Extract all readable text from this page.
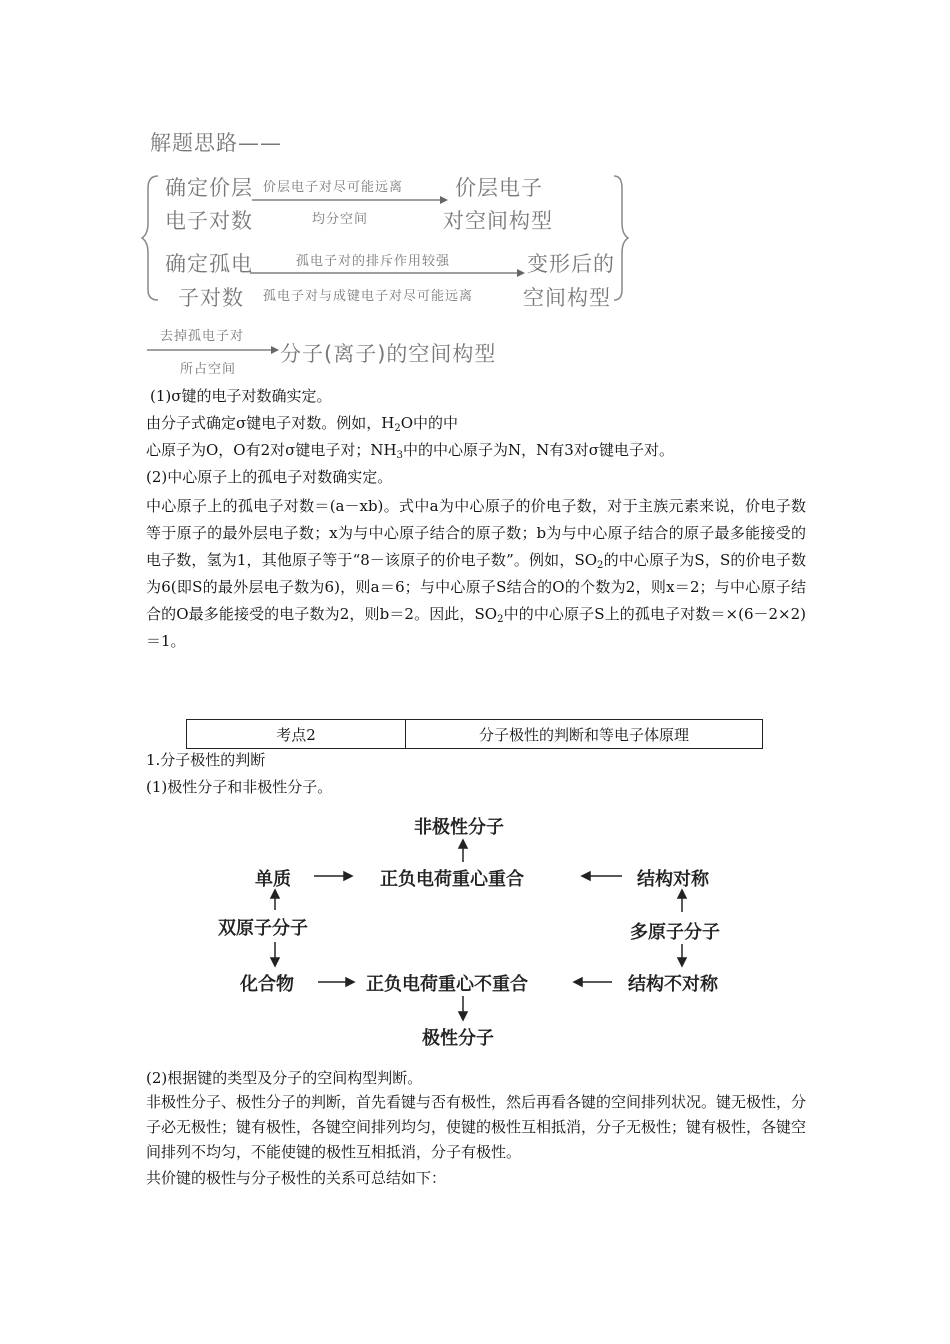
解题思路——
确定价层
电子对数
价层电子对尽可能远离
均分空间
价层电子
对空间构型
确定孤电
子对数
孤电子对的排斥作用较强
孤电子对与成键电子对尽可能远离
变形后的
空间构型
去掉孤电子对
所占空间
分子(离子)的空间构型
(1)σ键的电子对数确实定。
由分子式确定σ键电子对数。例如，$H_2O$中的中
心原子为O，O有2对σ键电子对；$NH_3$中的中心原子为N，N有3对σ键电子对。
(2)中心原子上的孤电子对数确实定。
中心原子上的孤电子对数＝(a－xb)。式中a为中心原子的价电子数，对于主族元素来说，价电子数等于原子的最外层电子数；x为与中心原子结合的原子数；b为与中心原子结合的原子最多能接受的电子数，氢为1，其他原子等于“8－该原子的价电子数”。例如，$SO_2$的中心原子为S，S的价电子数为6(即S的最外层电子数为6)，则a＝6；与中心原子S结合的O的个数为2，则x＝2；与中心原子结合的O最多能接受的电子数为2，则b＝2。因此，$SO_2$中的中心原子S上的孤电子对数＝×(6－2×2)＝1。
考点2	分子极性的判断和等电子体原理
1.分子极性的判断
(1)极性分子和非极性分子。
非极性分子
单质	正负电荷重心重合	结构对称
双原子分子	多原子分子
化合物	正负电荷重心不重合	结构不对称
极性分子
(2)根据键的类型及分子的空间构型判断。
非极性分子、极性分子的判断，首先看键与否有极性，然后再看各键的空间排列状况。键无极性，分子必无极性；键有极性，各键空间排列均匀，使键的极性互相抵消，分子无极性；键有极性，各键空间排列不均匀，不能使键的极性互相抵消，分子有极性。
共价键的极性与分子极性的关系可总结如下：
